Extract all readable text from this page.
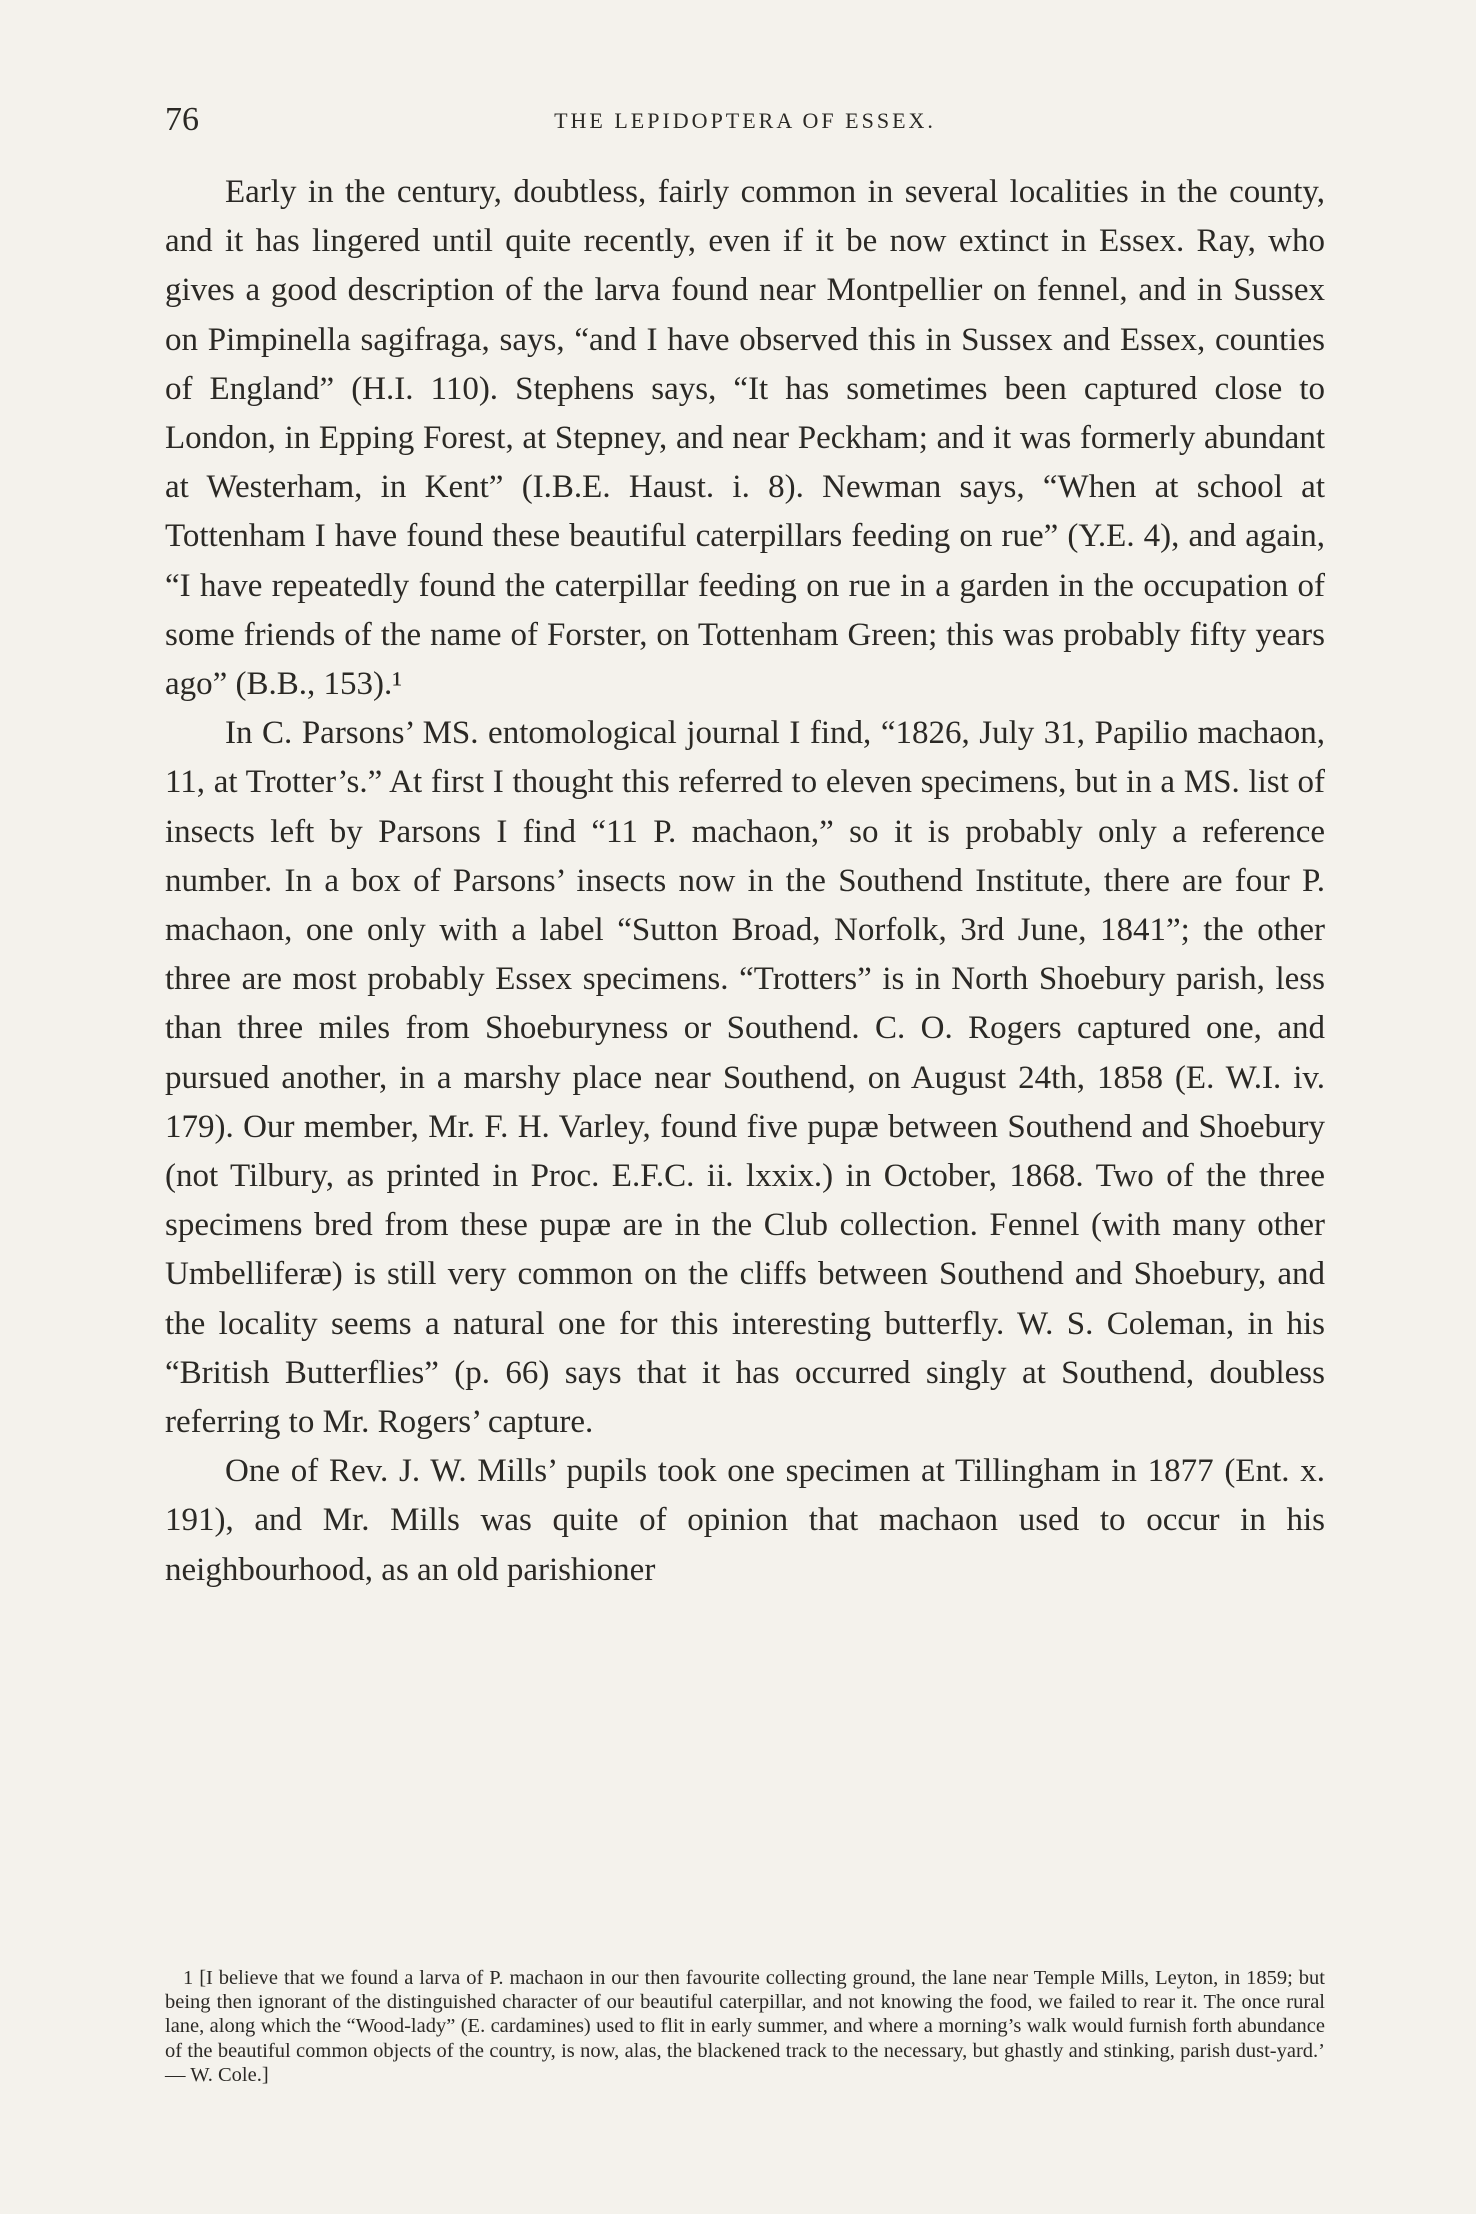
76	THE LEPIDOPTERA OF ESSEX.

Early in the century, doubtless, fairly common in several localities in the county, and it has lingered until quite recently, even if it be now extinct in Essex. Ray, who gives a good description of the larva found near Montpellier on fennel, and in Sussex on Pimpinella sagifraga, says, “and I have observed this in Sussex and Essex, counties of England” (H.I. 110). Stephens says, “It has sometimes been captured close to London, in Epping Forest, at Stepney, and near Peckham; and it was formerly abundant at Westerham, in Kent” (I.B.E. Haust. i. 8). Newman says, “When at school at Tottenham I have found these beautiful caterpillars feeding on rue” (Y.E. 4), and again, “I have repeatedly found the caterpillar feeding on rue in a garden in the occupation of some friends of the name of Forster, on Tottenham Green; this was probably fifty years ago” (B.B., 153).¹

In C. Parsons’ MS. entomological journal I find, “1826, July 31, Papilio machaon, 11, at Trotter’s.” At first I thought this referred to eleven specimens, but in a MS. list of insects left by Parsons I find “11 P. machaon,” so it is probably only a reference number. In a box of Parsons’ insects now in the Southend Institute, there are four P. machaon, one only with a label “Sutton Broad, Norfolk, 3rd June, 1841”; the other three are most probably Essex specimens. “Trotters” is in North Shoebury parish, less than three miles from Shoeburyness or Southend. C. O. Rogers captured one, and pursued another, in a marshy place near Southend, on August 24th, 1858 (E. W.I. iv. 179). Our member, Mr. F. H. Varley, found five pupæ between Southend and Shoebury (not Tilbury, as printed in Proc. E.F.C. ii. lxxix.) in October, 1868. Two of the three specimens bred from these pupæ are in the Club collection. Fennel (with many other Umbelliferæ) is still very common on the cliffs between Southend and Shoebury, and the locality seems a natural one for this interesting butterfly. W. S. Coleman, in his “British Butterflies” (p. 66) says that it has occurred singly at Southend, doubless referring to Mr. Rogers’ capture.

One of Rev. J. W. Mills’ pupils took one specimen at Tillingham in 1877 (Ent. x. 191), and Mr. Mills was quite of opinion that machaon used to occur in his neighbourhood, as an old parishioner

1 [I believe that we found a larva of P. machaon in our then favourite collecting ground, the lane near Temple Mills, Leyton, in 1859; but being then ignorant of the distinguished character of our beautiful caterpillar, and not knowing the food, we failed to rear it. The once rural lane, along which the “Wood-lady” (E. cardamines) used to flit in early summer, and where a morning’s walk would furnish forth abundance of the beautiful common objects of the country, is now, alas, the blackened track to the necessary, but ghastly and stinking, parish dust-yard.’ — W. Cole.]
